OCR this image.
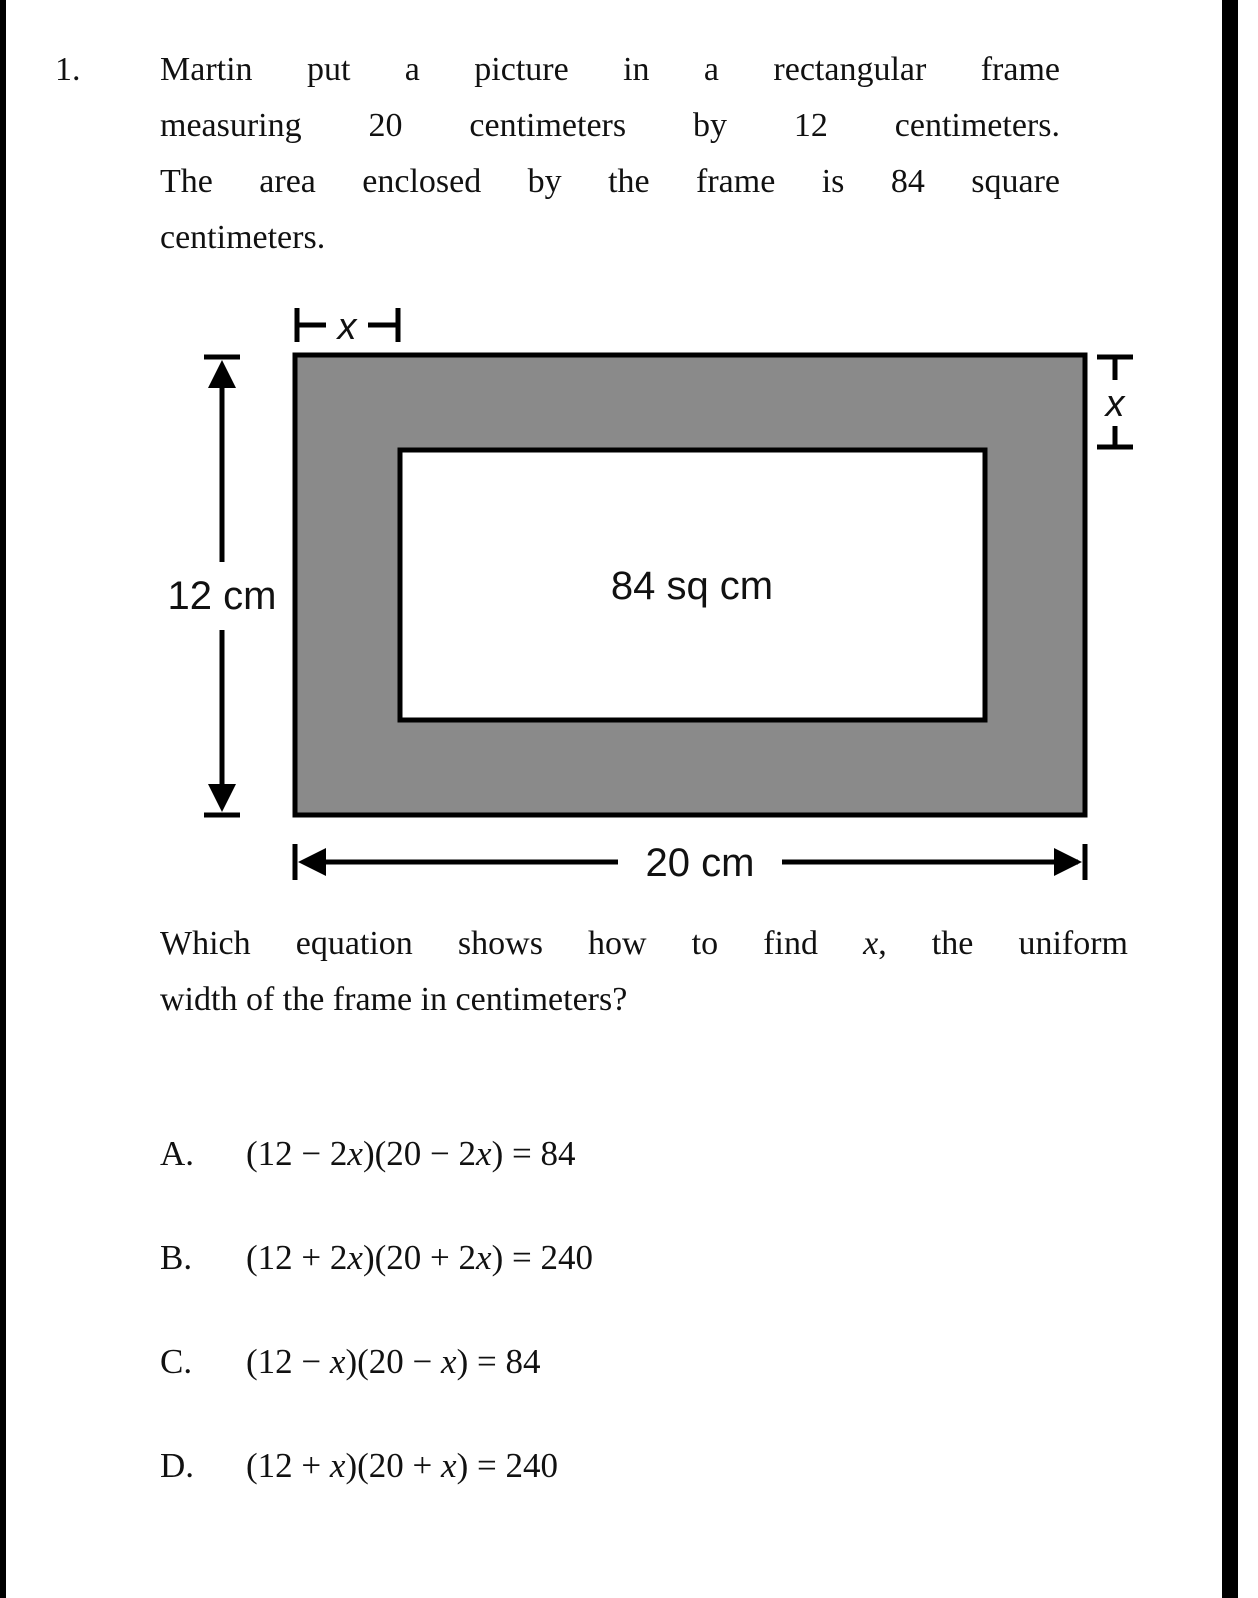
1. Martin put a picture in a rectangular frame
measuring 20 centimeters by 12 centimeters.
The area enclosed by the frame is 84 square
centimeters.
84 sq cm
x
x
12 cm
20 cm
Which equation shows how to find x, the uniform
width of the frame in centimeters?
A. (12 − 2x)(20 − 2x) = 84
B. (12 + 2x)(20 + 2x) = 240
C. (12 − x)(20 − x) = 84
D. (12 + x)(20 + x) = 240
